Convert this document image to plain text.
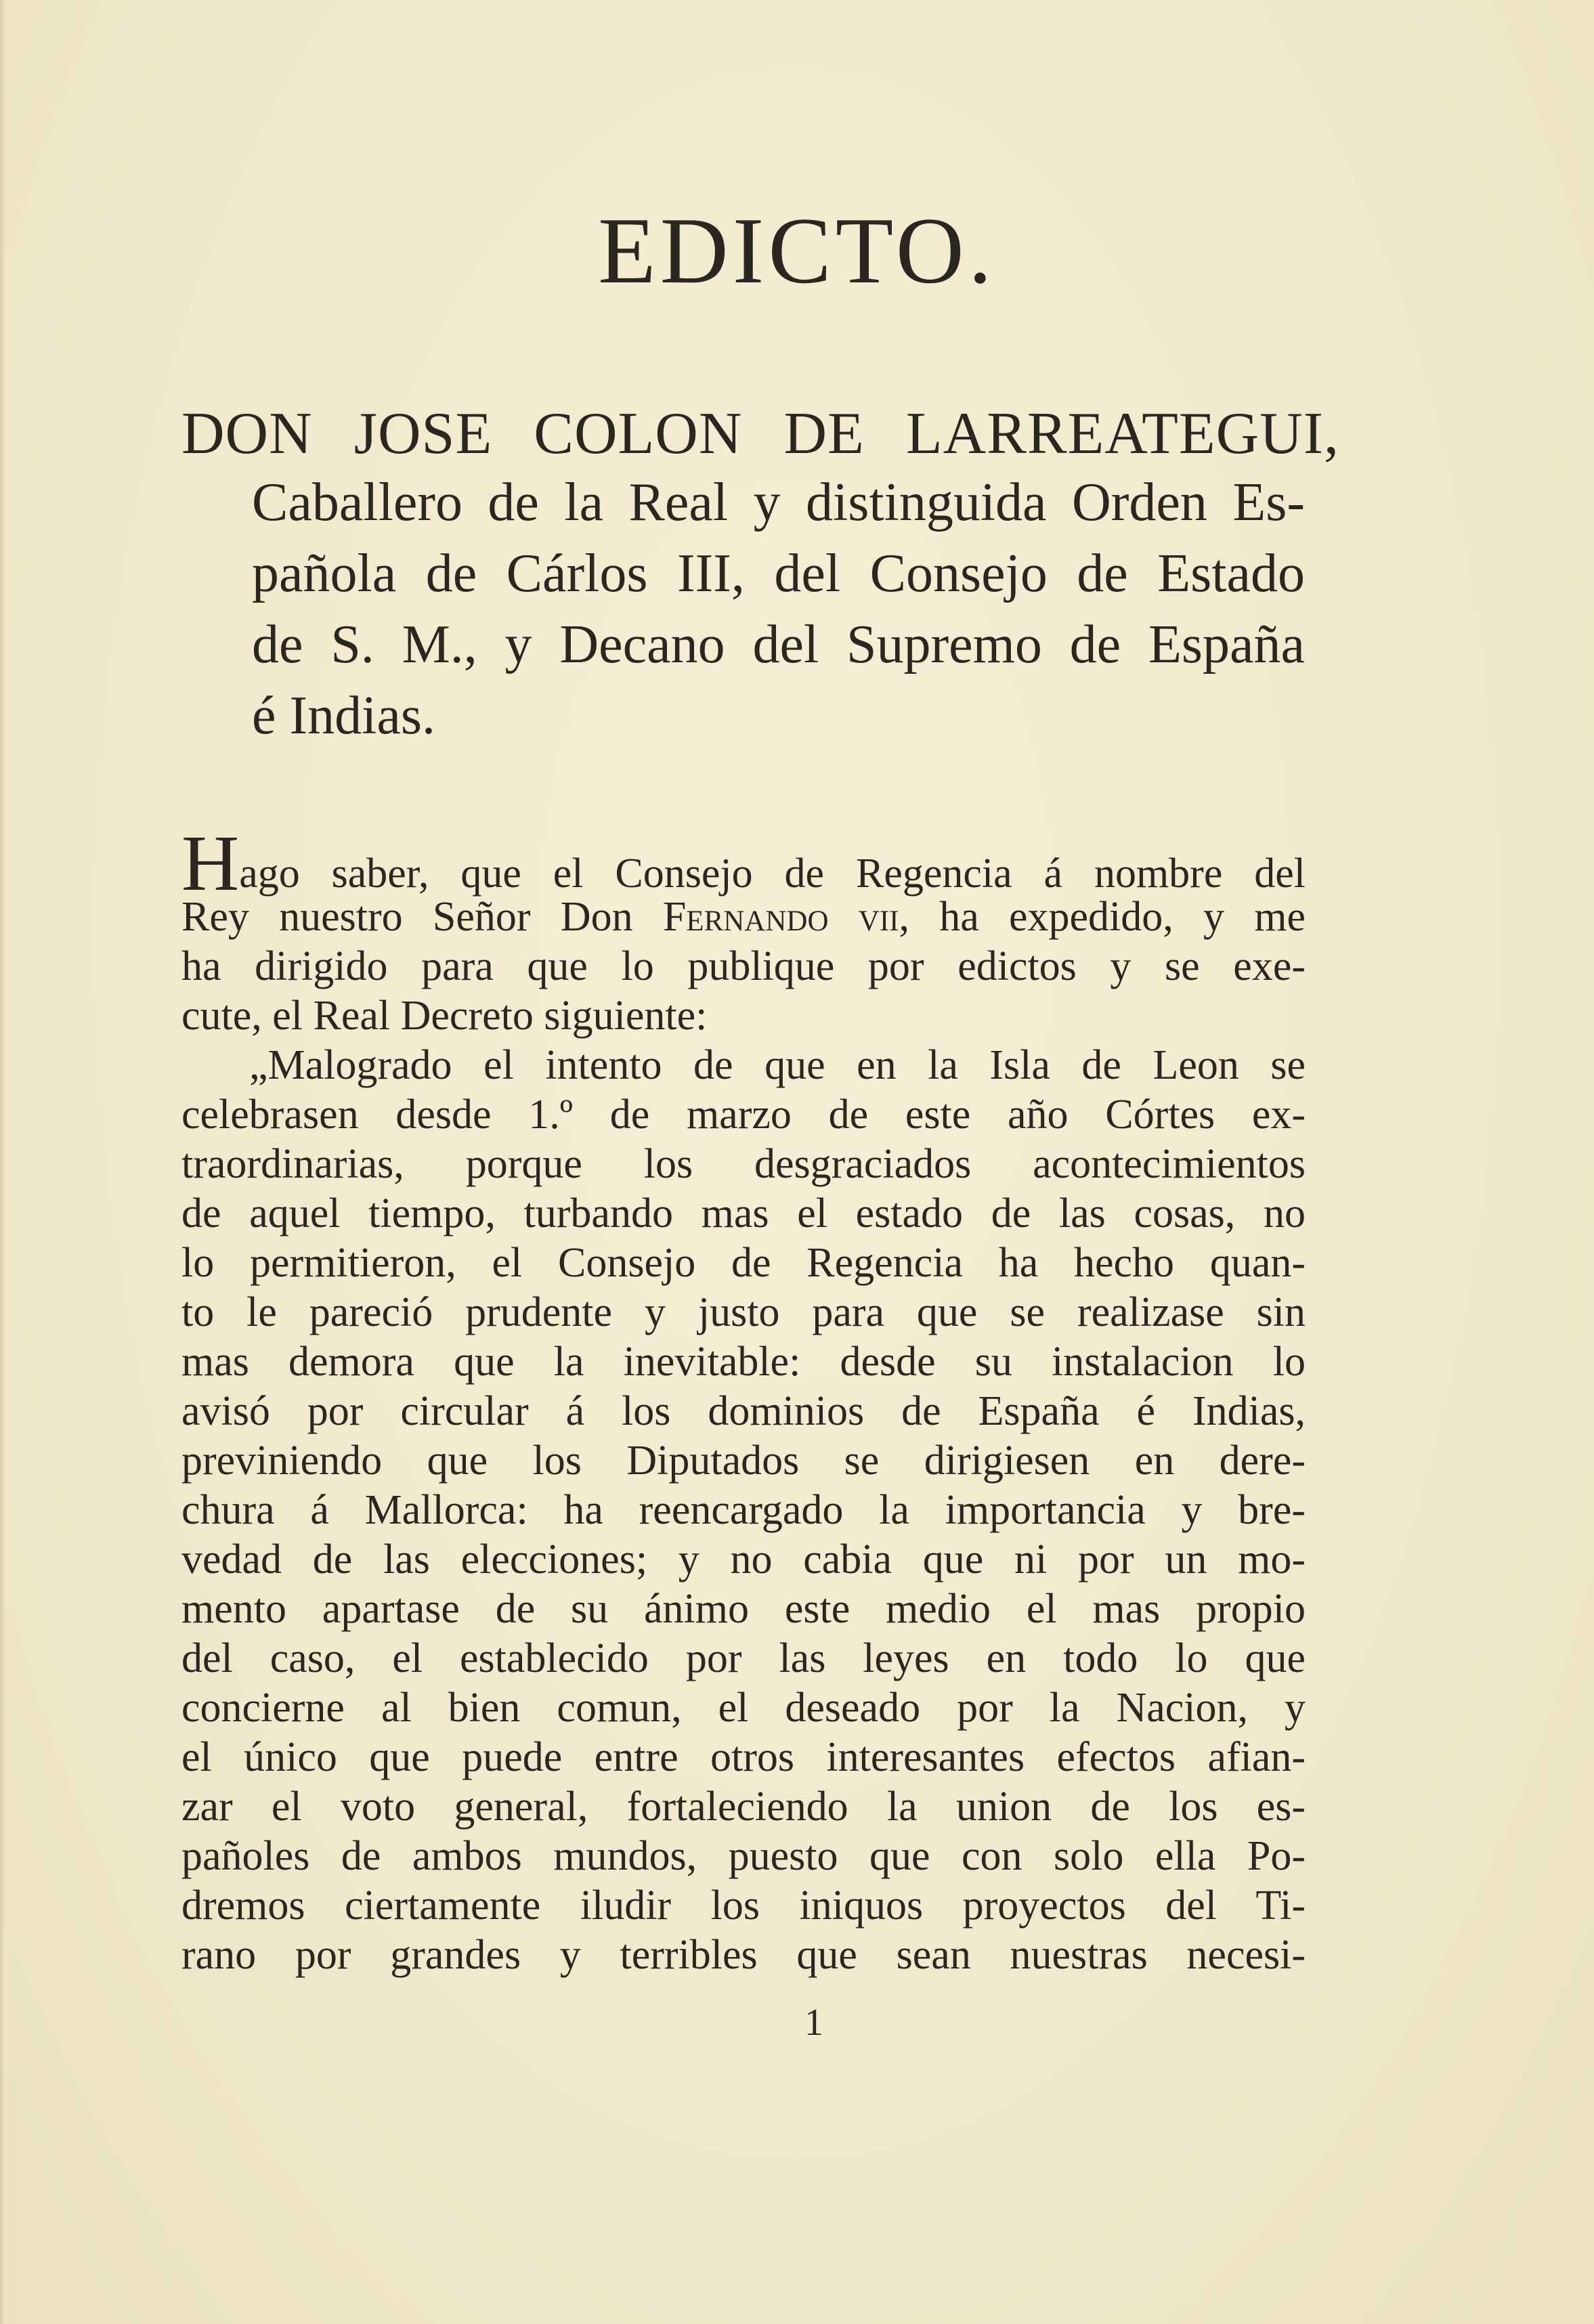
EDICTO.
DON JOSE COLON DE LARREATEGUI,
Caballero de la Real y distinguida Orden Es-
pañola de Cárlos III, del Consejo de Estado
de S. M., y Decano del Supremo de España
é Indias.
Hago saber, que el Consejo de Regencia á nombre del
Rey nuestro Señor Don Fernando vii, ha expedido, y me
ha dirigido para que lo publique por edictos y se exe-
cute, el Real Decreto siguiente:
„Malogrado el intento de que en la Isla de Leon se
celebrasen desde 1.º de marzo de este año Córtes ex-
traordinarias, porque los desgraciados acontecimientos
de aquel tiempo, turbando mas el estado de las cosas, no
lo permitieron, el Consejo de Regencia ha hecho quan-
to le pareció prudente y justo para que se realizase sin
mas demora que la inevitable: desde su instalacion lo
avisó por circular á los dominios de España é Indias,
previniendo que los Diputados se dirigiesen en dere-
chura á Mallorca: ha reencargado la importancia y bre-
vedad de las elecciones; y no cabia que ni por un mo-
mento apartase de su ánimo este medio el mas propio
del caso, el establecido por las leyes en todo lo que
concierne al bien comun, el deseado por la Nacion, y
el único que puede entre otros interesantes efectos afian-
zar el voto general, fortaleciendo la union de los es-
pañoles de ambos mundos, puesto que con solo ella Po-
dremos ciertamente iludir los iniquos proyectos del Ti-
rano por grandes y terribles que sean nuestras necesi-
1
